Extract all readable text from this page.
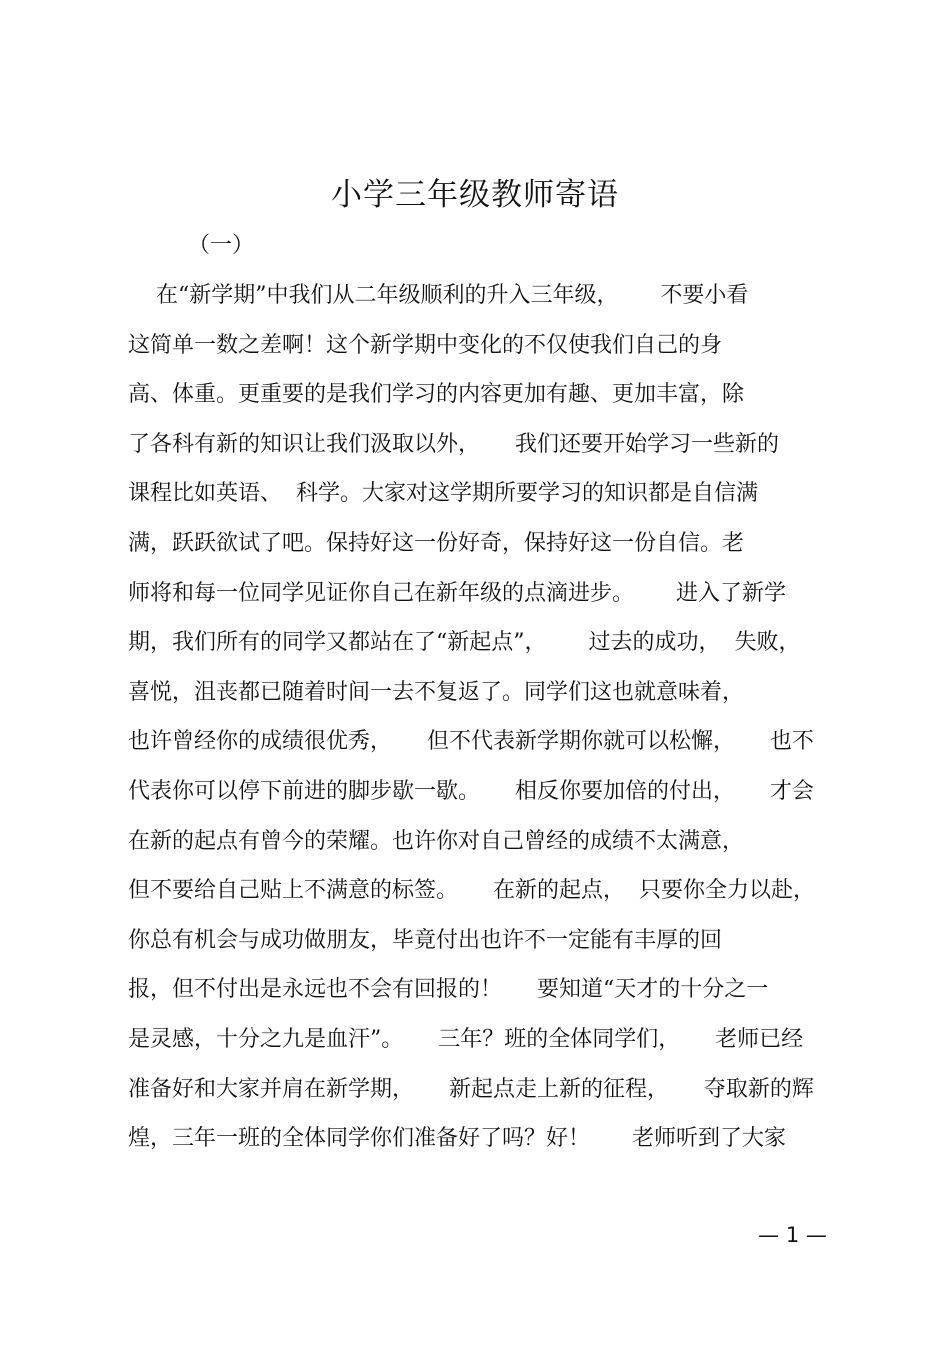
小学三年级教师寄语
（一）
在“新学期”中我们从二年级顺利的升入三年级，      不要小看
这简单一数之差啊！这个新学期中变化的不仅使我们自己的身
高、体重。更重要的是我们学习的内容更加有趣、更加丰富，除
了各科有新的知识让我们汲取以外，     我们还要开始学习一些新的
课程比如英语、  科学。大家对这学期所要学习的知识都是自信满
满，跃跃欲试了吧。保持好这一份好奇，保持好这一份自信。老
师将和每一位同学见证你自己在新年级的点滴进步。      进入了新学
期，我们所有的同学又都站在了“新起点”，      过去的成功，  失败，
喜悦，沮丧都已随着时间一去不复返了。同学们这也就意味着，
也许曾经你的成绩很优秀，     但不代表新学期你就可以松懈，     也不
代表你可以停下前进的脚步歇一歇。     相反你要加倍的付出，     才会
在新的起点有曾今的荣耀。也许你对自己曾经的成绩不太满意，
但不要给自己贴上不满意的标签。     在新的起点，  只要你全力以赴，
你总有机会与成功做朋友，毕竟付出也许不一定能有丰厚的回
报，但不付出是永远也不会有回报的！     要知道“天才的十分之一
是灵感，十分之九是血汗”。     三年？班的全体同学们，     老师已经
准备好和大家并肩在新学期，     新起点走上新的征程，     夺取新的辉
煌，三年一班的全体同学你们准备好了吗？好！      老师听到了大家
— 1 —
